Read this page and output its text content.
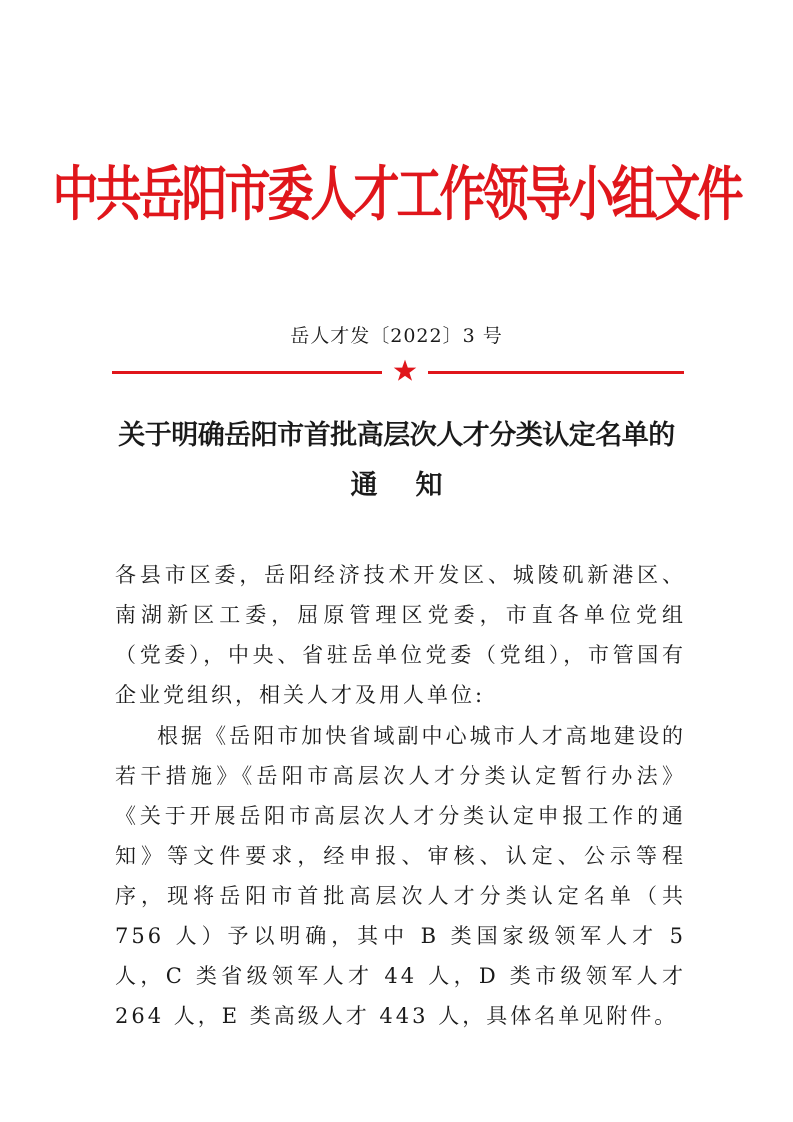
中共岳阳市委人才工作领导小组文件
岳人才发〔2022〕3 号
关于明确岳阳市首批高层次人才分类认定名单的
通知

各县市区委，岳阳经济技术开发区、城陵矶新港区、南湖新区工委，屈原管理区党委，市直各单位党组（党委），中央、省驻岳单位党委（党组），市管国有企业党组织，相关人才及用人单位:

根据《岳阳市加快省域副中心城市人才高地建设的若干措施》《岳阳市高层次人才分类认定暂行办法》《关于开展岳阳市高层次人才分类认定申报工作的通知》等文件要求，经申报、审核、认定、公示等程序，现将岳阳市首批高层次人才分类认定名单（共 756 人）予以明确，其中 B 类国家级领军人才 5 人，C 类省级领军人才 44 人，D 类市级领军人才 264 人，E 类高级人才 443 人，具体名单见附件。
